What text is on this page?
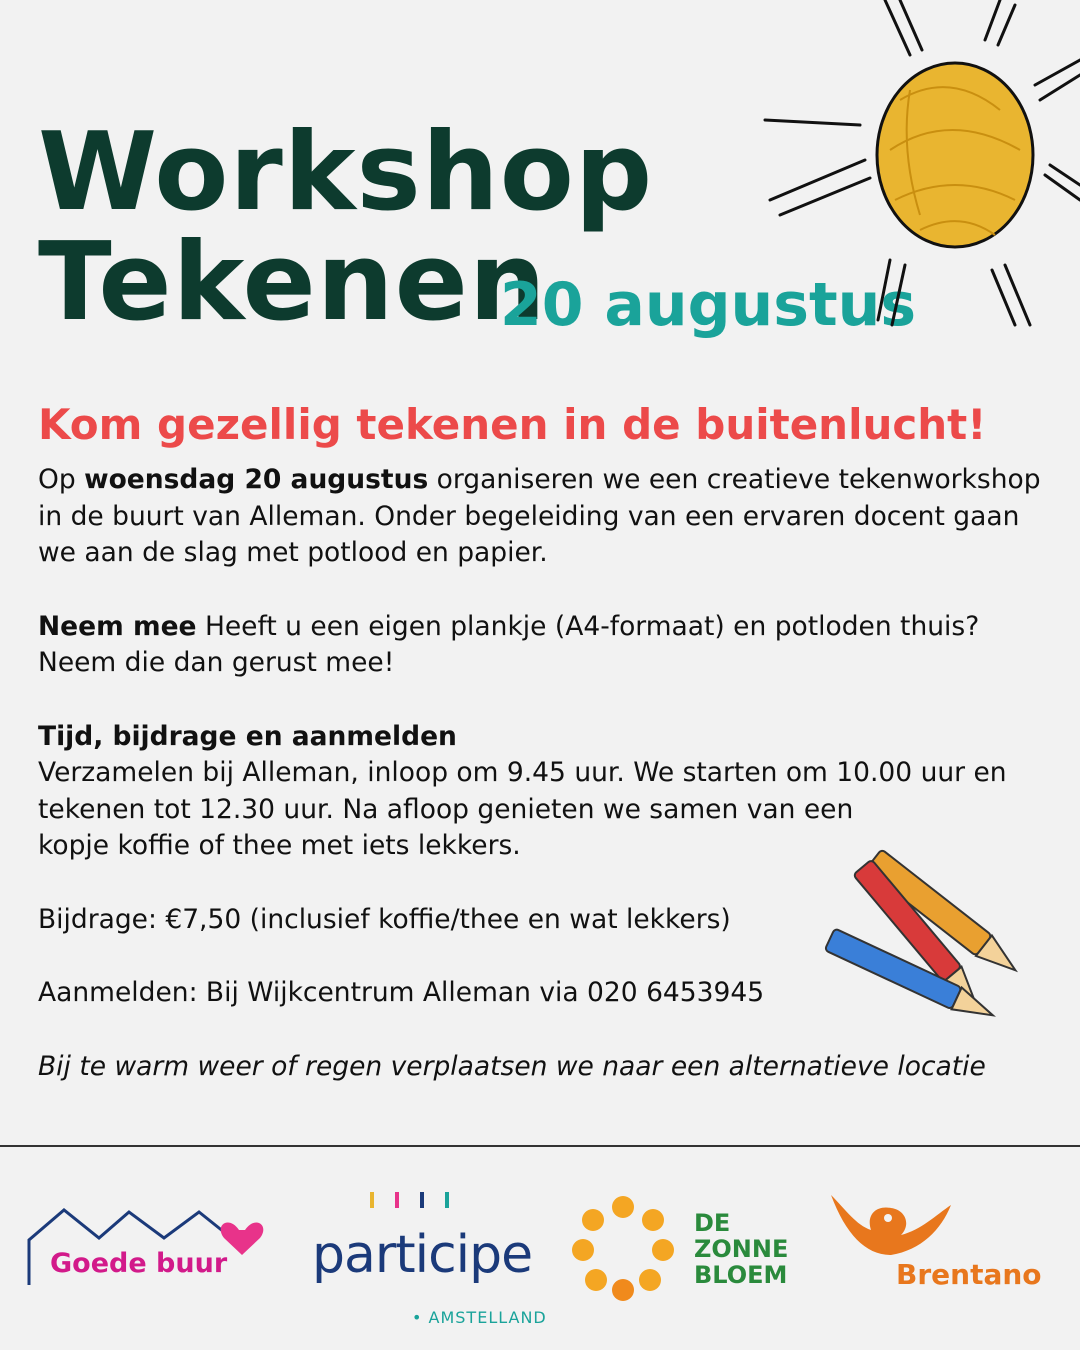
Workshop
Tekenen
20 augustus
Kom gezellig tekenen in de buitenlucht!

Op woensdag 20 augustus organiseren we een creatieve tekenworkshop
in de buurt van Alleman. Onder begeleiding van een ervaren docent gaan
we aan de slag met potlood en papier.

Neem mee Heeft u een eigen plankje (A4-formaat) en potloden thuis?
Neem die dan gerust mee!

Tijd, bijdrage en aanmelden
Verzamelen bij Alleman, inloop om 9.45 uur. We starten om 10.00 uur en
tekenen tot 12.30 uur. Na afloop genieten we samen van een
kopje koffie of thee met iets lekkers.

Bijdrage: €7,50 (inclusief koffie/thee en wat lekkers)

Aanmelden: Bij Wijkcentrum Alleman via 020 6453945

Bij te warm weer of regen verplaatsen we naar een alternatieve locatie

Goede buur participe
• AMSTELLAND
DE
ZONNE
BLOEM	Brentano
